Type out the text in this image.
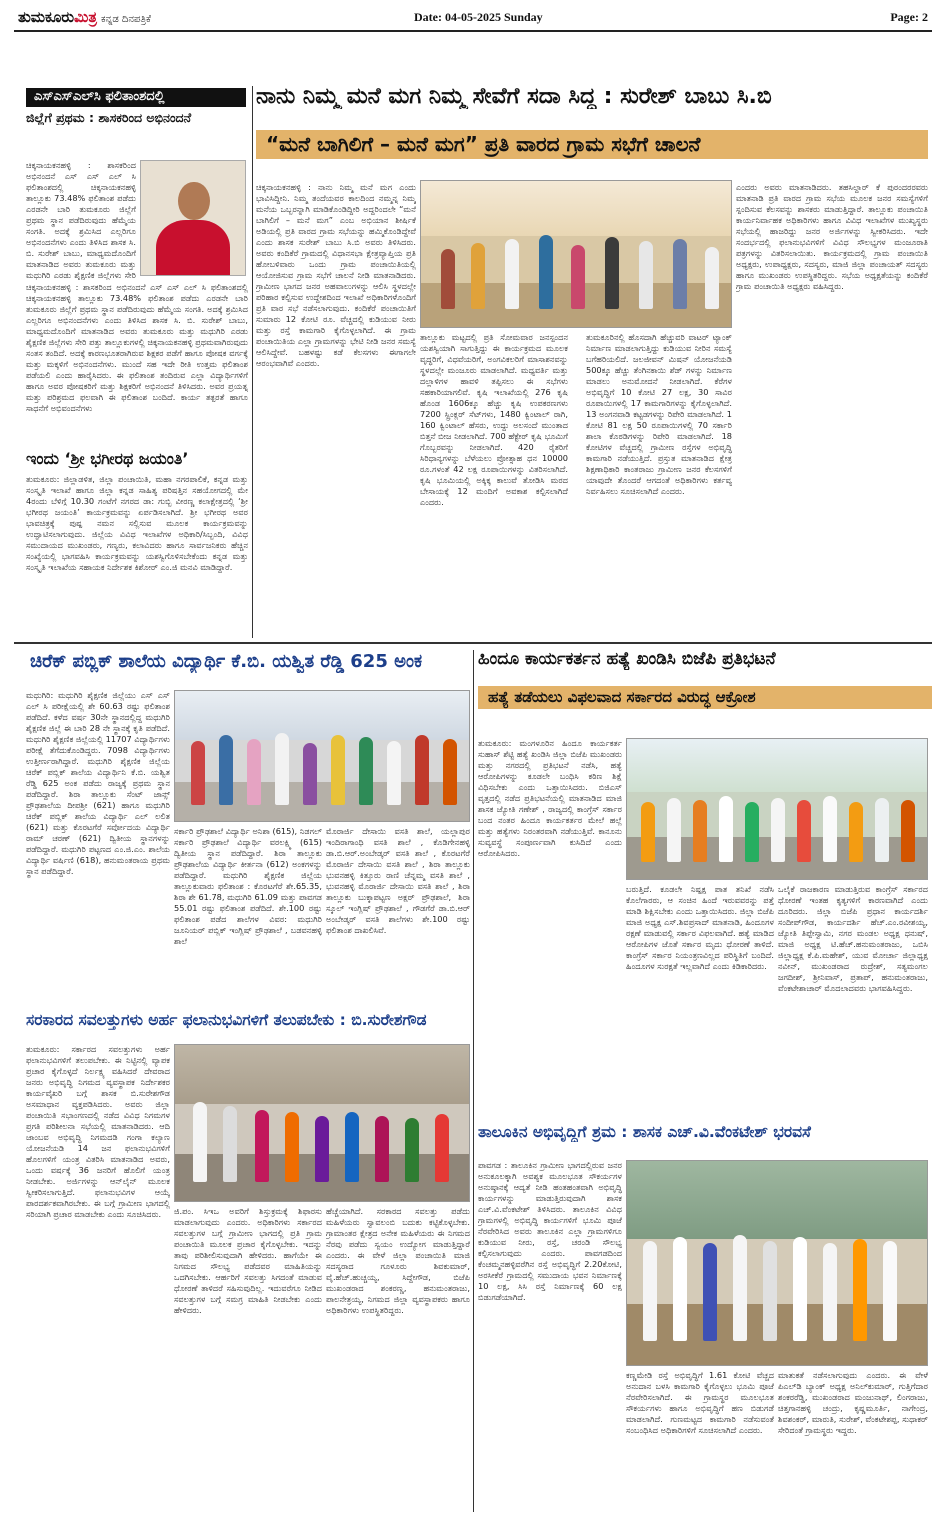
ತುಮಕೂರುಮಿತ್ರ ಕನ್ನಡ ದಿನಪತ್ರಿಕೆ	Date: 04-05-2025 Sunday	Page: 2
ಎಸ್ಎಸ್ಎಲ್‌ಸಿ ಫಲಿತಾಂಶದಲ್ಲಿ
ಜಿಲ್ಲೆಗೆ ಪ್ರಥಮ : ಶಾಸಕರಿಂದ ಅಭಿನಂದನೆ
ಚಿಕ್ಕನಾಯಕನಹಳ್ಳಿ : ಶಾಸಕರಿಂದ ಅಭಿನಂದನೆ ಎಸ್ ಎಸ್ ಎಲ್ ಸಿ ಫಲಿತಾಂಶದಲ್ಲಿ ಚಿಕ್ಕನಾಯಕನಹಳ್ಳಿ ತಾಲ್ಲೂಕು 73.48% ಫಲಿತಾಂಶ ಪಡೆದು ಎರಡನೇ ಬಾರಿ ತುಮಕೂರು ಜಿಲ್ಲೆಗೆ ಪ್ರಥಮ ಸ್ಥಾನ ಪಡೆದಿರುವುದು ಹೆಮ್ಮೆಯ ಸಂಗತಿ. ಅದಕ್ಕೆ ಶ್ರಮಿಸಿದ ಎಲ್ಲರಿಗೂ ಅಭಿನಂದನೆಗಳು ಎಂದು ತಿಳಿಸಿದ ಶಾಸಕ ಸಿ. ಬಿ. ಸುರೇಶ್ ಬಾಬು, ಮಾಧ್ಯಮದೊಂದಿಗೆ ಮಾತನಾಡಿದ ಅವರು ತುಮಕೂರು ಮತ್ತು ಮಧುಗಿರಿ ಎರಡು ಶೈಕ್ಷಣಿಕ ಜಿಲ್ಲೆಗಳು ಸೇರಿ
ಚಿಕ್ಕನಾಯಕನಹಳ್ಳಿ : ಶಾಸಕರಿಂದ ಅಭಿನಂದನೆ ಎಸ್ ಎಸ್ ಎಲ್ ಸಿ ಫಲಿತಾಂಶದಲ್ಲಿ ಚಿಕ್ಕನಾಯಕನಹಳ್ಳಿ ತಾಲ್ಲೂಕು 73.48% ಫಲಿತಾಂಶ ಪಡೆದು ಎರಡನೇ ಬಾರಿ ತುಮಕೂರು ಜಿಲ್ಲೆಗೆ ಪ್ರಥಮ ಸ್ಥಾನ ಪಡೆದಿರುವುದು ಹೆಮ್ಮೆಯ ಸಂಗತಿ. ಅದಕ್ಕೆ ಶ್ರಮಿಸಿದ ಎಲ್ಲರಿಗೂ ಅಭಿನಂದನೆಗಳು ಎಂದು ತಿಳಿಸಿದ ಶಾಸಕ ಸಿ. ಬಿ. ಸುರೇಶ್ ಬಾಬು, ಮಾಧ್ಯಮದೊಂದಿಗೆ ಮಾತನಾಡಿದ ಅವರು ತುಮಕೂರು ಮತ್ತು ಮಧುಗಿರಿ ಎರಡು ಶೈಕ್ಷಣಿಕ ಜಿಲ್ಲೆಗಳು ಸೇರಿ ಪತ್ತು ತಾಲ್ಲೂಕುಗಳಲ್ಲಿ ಚಿಕ್ಕನಾಯಕನಹಳ್ಳಿ ಪ್ರಥಮವಾಗಿರುವುದು ಸಂತಸ ತಂದಿದೆ. ಅದಕ್ಕೆ ಕಾರಣಭೂತರಾಗಿರುವ ಶಿಕ್ಷಕರ ಪಡೆಗೆ ಹಾಗೂ ಪೋಷಕ ವರ್ಗಕ್ಕೆ ಮತ್ತು ಮಕ್ಕಳಿಗೆ ಅಭಿನಂದನೆಗಳು. ಮುಂದೆ ಸಹ ಇದೇ ರೀತಿ ಉತ್ತಮ ಫಲಿತಾಂಶ ಪಡೆಯಲಿ ಎಂದು ಹಾರೈಸಿದರು. ಈ ಫಲಿತಾಂಶ ತಂದಿರುವ ಎಲ್ಲಾ ವಿದ್ಯಾರ್ಥಿಗಳಿಗೆ ಹಾಗೂ ಅವರ ಪೋಷಕರಿಗೆ ಮತ್ತು ಶಿಕ್ಷಕರಿಗೆ ಅಭಿನಂದನೆ ತಿಳಿಸಿದರು. ಅವರ ಪ್ರಯತ್ನ ಮತ್ತು ಪರಿಶ್ರಮದ ಫಲವಾಗಿ ಈ ಫಲಿತಾಂಶ ಬಂದಿದೆ. ಕಾರ್ಯ ತತ್ಪರತೆ ಹಾಗೂ ಸಾಧನೆಗೆ ಅಭಿವಂದನೆಗಳು
ಇಂದು ‘ಶ್ರೀ ಭಗೀರಥ ಜಯಂತಿ’
ತುಮಕೂರು: ಜಿಲ್ಲಾಡಳಿತ, ಜಿಲ್ಲಾ ಪಂಚಾಯಿತಿ, ಮಹಾ ನಗರಪಾಲಿಕೆ, ಕನ್ನಡ ಮತ್ತು ಸಂಸ್ಕೃತಿ ಇಲಾಖೆ ಹಾಗೂ ಜಿಲ್ಲಾ ಕನ್ನಡ ಸಾಹಿತ್ಯ ಪರಿಷತ್ತಿನ ಸಹಯೋಗದಲ್ಲಿ ಮೇ 4ರಂದು ಬೆಳಿಗ್ಗೆ 10.30 ಗಂಟೆಗೆ ನಗರದ ಡಾ: ಗುಬ್ಬಿ ವೀರಣ್ಣ ಕಲಾಕ್ಷೇತ್ರದಲ್ಲಿ ‘ಶ್ರೀ ಭಗೀರಥ ಜಯಂತಿ’ ಕಾರ್ಯಕ್ರಮವನ್ನು ಏರ್ಪಡಿಸಲಾಗಿದೆ. ಶ್ರೀ ಭಗೀರಥ ಅವರ ಭಾವಚಿತ್ರಕ್ಕೆ ಪುಷ್ಪ ನಮನ ಸಲ್ಲಿಸುವ ಮೂಲಕ ಕಾರ್ಯಕ್ರಮವನ್ನು ಉದ್ಘಾಟಿಸಲಾಗುವುದು. ಜಿಲ್ಲೆಯ ವಿವಿಧ ಇಲಾಖೆಗಳ ಅಧಿಕಾರಿ/ಸಿಬ್ಬಂದಿ, ವಿವಿಧ ಸಮುದಾಯದ ಮುಖಂಡರು, ಗಣ್ಯರು, ಕಲಾವಿದರು ಹಾಗೂ ಸಾರ್ವಜನಿಕರು ಹೆಚ್ಚಿನ ಸಂಖ್ಯೆಯಲ್ಲಿ ಭಾಗವಹಿಸಿ ಕಾರ್ಯಕ್ರಮವನ್ನು ಯಶಸ್ವಿಗೊಳಿಸಬೇಕೆಂದು ಕನ್ನಡ ಮತ್ತು ಸಂಸ್ಕೃತಿ ಇಲಾಖೆಯ ಸಹಾಯಕ ನಿರ್ದೇಶಕ ಕಿಶೋರ್ ಎಂ.ಜಿ ಮನವಿ ಮಾಡಿದ್ದಾರೆ.
ನಾನು ನಿಮ್ಮ ಮನೆ ಮಗ ನಿಮ್ಮ ಸೇವೆಗೆ ಸದಾ ಸಿದ್ಧ : ಸುರೇಶ್ ಬಾಬು ಸಿ.ಬಿ
“ಮನೆ ಬಾಗಿಲಿಗೆ – ಮನೆ ಮಗ” ಪ್ರತಿ ವಾರದ ಗ್ರಾಮ ಸಭೆಗೆ ಚಾಲನೆ
ಚಿಕ್ಕನಾಯಕನಹಳ್ಳಿ : ನಾನು ನಿಮ್ಮ ಮನೆ ಮಗ ಎಂದು ಭಾವಿಸಿದ್ದೀನಿ. ನಿಮ್ಮ ತಂದೆಯವರ ಕಾಲದಿಂದ ನಮ್ಮನ್ನ ನಿಮ್ಮ ಮನೆಯ ಒಬ್ಬರನ್ನಾಗಿ ಮಾಡಿಕೊಂಡಿದ್ದೀರಿ ಅದ್ದರಿಂದಲೇ “ಮನೆ ಬಾಗಿಲಿಗೆ – ಮನೆ ಮಗ” ಎಂಬ ಅಭಿಯಾನ ಶೀರ್ಷಿಕೆ ಅಡಿಯಲ್ಲಿ ಪ್ರತಿ ವಾರದ ಗ್ರಾಮ ಸಭೆಯನ್ನು ಹಮ್ಮಿಕೊಂಡಿದ್ದೇವೆ ಎಂದು ಶಾಸಕ ಸುರೇಶ್ ಬಾಬು ಸಿ.ಬಿ ಅವರು ತಿಳಿಸಿದರು. ಅವರು ಕಂದಿಕೆರೆ ಗ್ರಾಮದಲ್ಲಿ ವಿಧಾನಸಭಾ ಕ್ಷೇತ್ರವ್ಯಾಪ್ತಿಯ ಪ್ರತಿ ಹೋಬಳಿವಾರು ಒಂದು ಗ್ರಾಮ ಪಂಚಾಯಿತಿಯಲ್ಲಿ ಆಯೋಜಿಸುವ ಗ್ರಾಮ ಸಭೆಗೆ ಚಾಲನೆ ನೀಡಿ ಮಾತನಾಡಿದರು. ಗ್ರಾಮೀಣ ಭಾಗದ ಜನರ ಅಹವಾಲುಗಳನ್ನು ಆಲಿಸಿ ಸ್ಥಳದಲ್ಲೇ ಪರಿಹಾರ ಕಲ್ಪಿಸುವ ಉದ್ದೇಶದಿಂದ ಇಲಾಖೆ ಅಧಿಕಾರಿಗಳೊಂದಿಗೆ ಪ್ರತಿ ವಾರ ಸಭೆ ನಡೆಸಲಾಗುವುದು. ಕಂದಿಕೆರೆ ಪಂಚಾಯಿತಿಗೆ ಸುಮಾರು 12 ಕೋಟಿ ರೂ. ವೆಚ್ಚದಲ್ಲಿ ಕುಡಿಯುವ ನೀರು ಮತ್ತು ರಸ್ತೆ ಕಾಮಗಾರಿ ಕೈಗೊಳ್ಳಲಾಗಿದೆ. ಈ ಗ್ರಾಮ ಪಂಚಾಯಿತಿಯ ಎಲ್ಲಾ ಗ್ರಾಮಗಳನ್ನು ಭೇಟಿ ನೀಡಿ ಜನರ ಸಮಸ್ಯೆ ಆಲಿಸಿದ್ದೇವೆ. ಬಹಳಷ್ಟು ಕಡೆ ಕೆಲಸಗಳು ಈಗಾಗಲೇ ಆರಂಭವಾಗಿವೆ ಎಂದರು.
ತಾಲ್ಲೂಕು ಮಟ್ಟದಲ್ಲಿ ಪ್ರತಿ ಸೋಮವಾರ ಜನಸ್ಪಂದನ ಯಶಸ್ವಿಯಾಗಿ ಸಾಗುತ್ತಿದ್ದು ಈ ಕಾರ್ಯಕ್ರಮದ ಮೂಲಕ ವೃದ್ಧರಿಗೆ, ವಿಧವೆಯರಿಗೆ, ಅಂಗವಿಕಲರಿಗೆ ಮಾಸಾಶನವನ್ನು ಸ್ಥಳದಲ್ಲೇ ಮಂಜೂರು ಮಾಡಲಾಗಿದೆ. ಮಧ್ಯವರ್ತಿ ಮತ್ತು ದಲ್ಲಾಳಿಗಳ ಹಾವಳಿ ತಪ್ಪಿಸಲು ಈ ಸಭೆಗಳು ಸಹಕಾರಿಯಾಗಲಿವೆ. ಕೃಷಿ ಇಲಾಖೆಯಲ್ಲಿ 276 ಕೃಷಿ ಹೊಂಡ 1606ಕ್ಕೂ ಹೆಚ್ಚು ಕೃಷಿ ಉಪಕರಣಗಳು 7200 ಸ್ಪ್ರಿಂಕ್ಲರ್ ಸೆಟ್‌ಗಳು, 1480 ಕ್ವಿಂಟಾಲ್ ರಾಗಿ, 160 ಕ್ವಿಂಟಾಲ್ ಹೆಸರು, ಉದ್ದು ಅಲಸಂದೆ ಮುಂತಾದ ಬಿತ್ತನೆ ಬೀಜ ನೀಡಲಾಗಿದೆ. 700 ಹೆಕ್ಟೇರ್ ಕೃಷಿ ಭೂಮಿಗೆ ಗೊಬ್ಬರವನ್ನು ನೀಡಲಾಗಿದೆ. 420 ರೈತರಿಗೆ ಸಿರಿಧಾನ್ಯಗಳನ್ನು ಬೆಳೆಯಲು ಪ್ರೋತ್ಸಾಹ ಧನ 10000 ರೂ.ಗಳಂತೆ 42 ಲಕ್ಷ ರೂಪಾಯಿಗಳನ್ನು ವಿತರಿಸಲಾಗಿದೆ. ಕೃಷಿ ಭೂಮಿಯಲ್ಲಿ ಅಕ್ಕಿಕ್ಕ ಕಾಲುವೆ ತೋಡಿಸಿ ಮರದ ಬೇಸಾಯಕ್ಕೆ 12 ಮಂದಿಗೆ ಅವಕಾಶ ಕಲ್ಪಿಸಲಾಗಿದೆ ಎಂದರು.
ತುಮಕೂರಿನಲ್ಲಿ ಹೊಸದಾಗಿ ಹೆಚ್ಚುವರಿ ವಾಟರ್ ಟ್ಯಾಂಕ್ ನಿರ್ಮಾಣ ಮಾಡಲಾಗುತ್ತಿದ್ದು ಕುಡಿಯುವ ನೀರಿನ ಸಮಸ್ಯೆ ಬಗೆಹರಿಯಲಿದೆ. ಜಲಜೀವನ್ ಮಿಷನ್ ಯೋಜನೆಯಡಿ 500ಕ್ಕೂ ಹೆಚ್ಚು ತೆಂಗಿನಕಾಯಿ ಶೆಡ್ ಗಳನ್ನು ನಿರ್ಮಾಣ ಮಾಡಲು ಅನುಮೋದನೆ ನೀಡಲಾಗಿದೆ. ಕೆರೆಗಳ ಅಭಿವೃದ್ಧಿಗೆ 10 ಕೋಟಿ 27 ಲಕ್ಷ, 30 ಸಾವಿರ ರೂಪಾಯಿಗಳಲ್ಲಿ 17 ಕಾಮಗಾರಿಗಳನ್ನು ಕೈಗೊಳ್ಳಲಾಗಿದೆ. 13 ಅಂಗನವಾಡಿ ಕಟ್ಟಡಗಳನ್ನು ರಿಪೇರಿ ಮಾಡಲಾಗಿದೆ. 1 ಕೋಟಿ 81 ಲಕ್ಷ 50 ರೂಪಾಯಿಗಳಲ್ಲಿ 70 ಸರ್ಕಾರಿ ಶಾಲಾ ಕೊಠಡಿಗಳನ್ನು ರಿಪೇರಿ ಮಾಡಲಾಗಿದೆ. 18 ಕೋಟಿಗಳ ವೆಚ್ಚದಲ್ಲಿ ಗ್ರಾಮೀಣ ರಸ್ತೆಗಳ ಅಭಿವೃದ್ಧಿ ಕಾಮಗಾರಿ ನಡೆಯುತ್ತಿದೆ. ಪ್ರಸ್ತುತ ಮಾತನಾಡಿದ ಕ್ಷೇತ್ರ ಶಿಕ್ಷಣಾಧಿಕಾರಿ ಕಾಂತರಾಜು ಗ್ರಾಮೀಣ ಜನರ ಕೆಲಸಗಳಿಗೆ ಯಾವುದೇ ತೊಂದರೆ ಆಗದಂತೆ ಅಧಿಕಾರಿಗಳು ಕರ್ತವ್ಯ ನಿರ್ವಹಿಸಲು ಸೂಚಿಸಲಾಗಿದೆ ಎಂದರು.
ಎಂದರು ಅವರು ಮಾತನಾಡಿದರು. ತಹಸಿಲ್ದಾರ್ ಕೆ ಪುರಂದರರವರು ಮಾತನಾಡಿ ಪ್ರತಿ ವಾರದ ಗ್ರಾಮ ಸಭೆಯ ಮೂಲಕ ಜನರ ಸಮಸ್ಯೆಗಳಿಗೆ ಸ್ಪಂದಿಸುವ ಕೆಲಸವನ್ನು ಶಾಸಕರು ಮಾಡುತ್ತಿದ್ದಾರೆ. ತಾಲ್ಲೂಕು ಪಂಚಾಯಿತಿ ಕಾರ್ಯನಿರ್ವಾಹಕ ಅಧಿಕಾರಿಗಳು ಹಾಗೂ ವಿವಿಧ ಇಲಾಖೆಗಳ ಮುಖ್ಯಸ್ಥರು ಸಭೆಯಲ್ಲಿ ಹಾಜರಿದ್ದು ಜನರ ಅರ್ಜಿಗಳನ್ನು ಸ್ವೀಕರಿಸಿದರು. ಇದೇ ಸಂದರ್ಭದಲ್ಲಿ ಫಲಾನುಭವಿಗಳಿಗೆ ವಿವಿಧ ಸೌಲಭ್ಯಗಳ ಮಂಜೂರಾತಿ ಪತ್ರಗಳನ್ನು ವಿತರಿಸಲಾಯಿತು. ಕಾರ್ಯಕ್ರಮದಲ್ಲಿ ಗ್ರಾಮ ಪಂಚಾಯಿತಿ ಅಧ್ಯಕ್ಷರು, ಉಪಾಧ್ಯಕ್ಷರು, ಸದಸ್ಯರು, ಮಾಜಿ ಜಿಲ್ಲಾ ಪಂಚಾಯತ್ ಸದಸ್ಯರು ಹಾಗೂ ಮುಖಂಡರು ಉಪಸ್ಥಿತರಿದ್ದರು. ಸಭೆಯ ಅಧ್ಯಕ್ಷತೆಯನ್ನು ಕಂದಿಕೆರೆ ಗ್ರಾಮ ಪಂಚಾಯಿತಿ ಅಧ್ಯಕ್ಷರು ವಹಿಸಿದ್ದರು.
ಚಿರೆಕ್ ಪಬ್ಲಿಕ್ ಶಾಲೆಯ ವಿದ್ಯಾರ್ಥಿ ಕೆ.ಬಿ. ಯಶ್ವಿತ ರೆಡ್ಡಿ 625 ಅಂಕ
ಮಧುಗಿರಿ: ಮಧುಗಿರಿ ಶೈಕ್ಷಣಿಕ ಜಿಲ್ಲೆಯು ಎಸ್ ಎಸ್ ಎಲ್ ಸಿ ಪರೀಕ್ಷೆಯಲ್ಲಿ ಶೇ 60.63 ರಷ್ಟು ಫಲಿತಾಂಶ ಪಡೆದಿದೆ. ಕಳೆದ ವರ್ಷ 30ನೇ ಸ್ಥಾನದಲ್ಲಿದ್ದ ಮಧುಗಿರಿ ಶೈಕ್ಷಣಿಕ ಜಿಲ್ಲೆ ಈ ಬಾರಿ 28 ನೇ ಸ್ಥಾನಕ್ಕೆ ಕೃತಿ ಪಡೆದಿದೆ. ಮಧುಗಿರಿ ಶೈಕ್ಷಣಿಕ ಜಿಲ್ಲೆಯಲ್ಲಿ 11707 ವಿದ್ಯಾರ್ಥಿಗಳು ಪರೀಕ್ಷೆ ತೆಗೆದುಕೊಂಡಿದ್ದರು. 7098 ವಿದ್ಯಾರ್ಥಿಗಳು ಉತ್ತೀರ್ಣರಾಗಿದ್ದಾರೆ. ಮಧುಗಿರಿ ಶೈಕ್ಷಣಿಕ ಜಿಲ್ಲೆಯ ಚಿರೆಕ್ ಪಬ್ಲಿಕ್ ಶಾಲೆಯ ವಿದ್ಯಾರ್ಥಿನಿ ಕೆ.ಬಿ. ಯಶ್ವಿತ ರೆಡ್ಡಿ 625 ಅಂಕ ಪಡೆದು ರಾಜ್ಯಕ್ಕೆ ಪ್ರಥಮ ಸ್ಥಾನ ಪಡೆದಿದ್ದಾರೆ. ಶಿರಾ ತಾಲ್ಲೂಕು ಸೆಂಟ್ ಜಾನ್ಸ್ ಪ್ರೌಢಶಾಲೆಯ ದೀಪಶ್ರೀ (621) ಹಾಗೂ ಮಧುಗಿರಿ ಚಿರೆಕ್ ಪಬ್ಲಿಕ್ ಶಾಲೆಯ ವಿದ್ಯಾರ್ಥಿ ಎಲ್ ಲಲಿತ (621) ಮತ್ತು ಕೊರಟಗೆರೆ ಸರ್ವೋದಯ ವಿದ್ಯಾರ್ಥಿ ರಾಮ್ ಚರಣ್ (621) ದ್ವಿತೀಯ ಸ್ಥಾನಗಳನ್ನು ಪಡೆದಿದ್ದಾರೆ. ಮಧುಗಿರಿ ಪಟ್ಟಣದ ಎಂ.ಜಿ.ಎಂ. ಶಾಲೆಯ ವಿದ್ಯಾರ್ಥಿ ವರ್ಷಿಣಿ (618), ಹನುಮಂತರಾಯ ಪ್ರಥಮ ಸ್ಥಾನ ಪಡೆದಿದ್ದಾರೆ.
ಸರ್ಕಾರಿ ಪ್ರೌಢಶಾಲೆ ವಿದ್ಯಾರ್ಥಿ ಅನಿಶಾ (615), ನಿಡಗಲ್ ಸರ್ಕಾರಿ ಪ್ರೌಢಶಾಲೆ ವಿದ್ಯಾರ್ಥಿ ವರಲಕ್ಷ್ಮಿ (615) ದ್ವಿತೀಯ ಸ್ಥಾನ ಪಡೆದಿದ್ದಾರೆ. ಶಿರಾ ತಾಲ್ಲೂಕು ಪ್ರೌಢಶಾಲೆಯ ವಿದ್ಯಾರ್ಥಿ ಕೀರ್ತನಾ (612) ಅಂಕಗಳನ್ನು ಪಡೆದಿದ್ದಾರೆ. ಮಧುಗಿರಿ ಶೈಕ್ಷಣಿಕ ಜಿಲ್ಲೆಯ ತಾಲ್ಲೂಕುವಾರು ಫಲಿತಾಂಶ : ಕೊರಟಗೆರೆ ಶೇ.65.35, ಶಿರಾ ಶೇ 61.78, ಮಧುಗಿರಿ 61.09 ಮತ್ತು ಪಾವಗಡ 55.01 ರಷ್ಟು ಫಲಿತಾಂಶ ಪಡೆದಿದೆ. ಶೇ.100 ರಷ್ಟು ಫಲಿತಾಂಶ ಪಡೆದ ಶಾಲೆಗಳ ವಿವರ: ಮಧುಗಿರಿ ಜೂನಿಯರ್ ಪಬ್ಲಿಕ್ ಇಂಗ್ಲಿಷ್ ಪ್ರೌಢಶಾಲೆ , ಬಡವನಹಳ್ಳಿ ಶಾಲೆ
ಮೊರಾರ್ಜಿ ದೇಸಾಯಿ ವಸತಿ ಶಾಲೆ, ಯಲ್ಲಾಪುರ ಇಂದಿರಾಗಾಂಧಿ ವಸತಿ ಶಾಲೆ , ಕೊಡಿಗೇನಹಳ್ಳಿ ಡಾ.ಬಿ.ಆರ್.ಅಂಬೇಡ್ಕರ್ ವಸತಿ ಶಾಲೆ , ಕೊರಟಗೆರೆ ಮೊರಾರ್ಜಿ ದೇಸಾಯಿ ವಸತಿ ಶಾಲೆ , ಶಿರಾ ತಾಲ್ಲೂಕು ಭುವನಹಳ್ಳಿ ಕಿತ್ತೂರು ರಾಣಿ ಚೆನ್ನಮ್ಮ ವಸತಿ ಶಾಲೆ , ಭುವನಹಳ್ಳಿ ಮೊರಾರ್ಜಿ ದೇಸಾಯಿ ವಸತಿ ಶಾಲೆ , ಶಿರಾ ತಾಲ್ಲೂಕು ಬುಕ್ಕಾಪಟ್ಟಣ ಅಕ್ಷರ್ ಪ್ರೌಢಶಾಲೆ, ಶಿರಾ ಸ್ಕೂಲ್ ಇಂಗ್ಲಿಷ್ ಪ್ರೌಢಶಾಲೆ , ಗೌಡಗೆರೆ ಡಾ.ಬಿ.ಆರ್ ಅಂಬೇಡ್ಕರ್ ವಸತಿ ಶಾಲೆಗಳು ಶೇ.100 ರಷ್ಟು ಫಲಿತಾಂಶ ದಾಖಲಿಸಿವೆ.
ಸರಕಾರದ ಸವಲತ್ತುಗಳು ಅರ್ಹ ಫಲಾನುಭವಿಗಳಿಗೆ ತಲುಪಬೇಕು : ಬಿ.ಸುರೇಶಗೌಡ
ತುಮಕೂರು: ಸರ್ಕಾರದ ಸವಲತ್ತುಗಳು ಅರ್ಹ ಫಲಾನುಭವಿಗಳಿಗೆ ತಲುಪಬೇಕು. ಈ ನಿಟ್ಟಿನಲ್ಲಿ ವ್ಯಾಪಕ ಪ್ರಚಾರ ಕೈಗೊಳ್ಳದೆ ನಿರ್ಲಕ್ಷ್ಯ ವಹಿಸಿದರೆ ದೇವರಾದ ಜನರು ಅಭಿವೃದ್ಧಿ ನಿಗಮದ ವ್ಯವಸ್ಥಾಪಕ ನಿರ್ದೇಶಕರ ಕಾರ್ಯವೈಖರಿ ಬಗ್ಗೆ ಶಾಸಕ ಬಿ.ಸುರೇಶಗೌಡ ಅಸಮಾಧಾನ ವ್ಯಕ್ತಪಡಿಸಿದರು. ಅವರು ಜಿಲ್ಲಾ ಪಂಚಾಯಿತಿ ಸಭಾಂಗಣದಲ್ಲಿ ನಡೆದ ವಿವಿಧ ನಿಗಮಗಳ ಪ್ರಗತಿ ಪರಿಶೀಲನಾ ಸಭೆಯಲ್ಲಿ ಮಾತನಾಡಿದರು. ಆದಿ ಜಾಂಬವ ಅಭಿವೃದ್ಧಿ ನಿಗಮದಡಿ ಗಂಗಾ ಕಲ್ಯಾಣ ಯೋಜನೆಯಡಿ 14 ಜನ ಫಲಾನುಭವಿಗಳಿಗೆ ಹೊಲಗಳಿಗೆ ಯಂತ್ರ ವಿತರಿಸಿ ಮಾತನಾಡಿದ ಅವರು, ಒಂದು ವರ್ಷಕ್ಕೆ 36 ಜನರಿಗೆ ಹೊಲಿಗೆ ಯಂತ್ರ ನೀಡಬೇಕು. ಅರ್ಜಿಗಳನ್ನು ಆನ್‌ಲೈನ್ ಮೂಲಕ ಸ್ವೀಕರಿಸಲಾಗುತ್ತಿದೆ. ಫಲಾನುಭವಿಗಳ ಆಯ್ಕೆ ಪಾರದರ್ಶಕವಾಗಿರಬೇಕು. ಈ ಬಗ್ಗೆ ಗ್ರಾಮೀಣ ಭಾಗದಲ್ಲಿ ಸರಿಯಾಗಿ ಪ್ರಚಾರ ಮಾಡಬೇಕು ಎಂದು ಸೂಚಿಸಿದರು.	ಜಿ.ಪಂ. ಸಿಇಒ ಅವರಿಗೆ ಶಿಸ್ತುಕ್ರಮಕ್ಕೆ ಶಿಫಾರಸು ಮಾಡಲಾಗುವುದು ಎಂದರು. ಅಧಿಕಾರಿಗಳು ಸರ್ಕಾರದ ಸವಲತ್ತುಗಳ ಬಗ್ಗೆ ಗ್ರಾಮೀಣ ಭಾಗದಲ್ಲಿ ಪ್ರತಿ ಗ್ರಾಮ ಪಂಚಾಯಿತಿ ಮೂಲಕ ಪ್ರಚಾರ ಕೈಗೊಳ್ಳಬೇಕು. ಇದನ್ನು ತಾವು ಪರಿಶೀಲಿಸುವುದಾಗಿ ಹೇಳಿದರು. ಹಾಗೆಯೇ ಈ ನಿಗಮದ ಸೌಲಭ್ಯ ಪಡೆದವರ ಮಾಹಿತಿಯನ್ನು ಒದಗಿಸಬೇಕು. ಆರ್ಹರಿಗೆ ಸವಲತ್ತು ಸಿಗದಂತೆ ಮಾಡುವ ಧೋರಣೆ ತಾಳಿದರೆ ಸಹಿಸುವುದಿಲ್ಲ. ಇದುವರೆಗೂ ನೀಡಿದ ಸವಲತ್ತುಗಳ ಬಗ್ಗೆ ಸಮಗ್ರ ಮಾಹಿತಿ ನೀಡಬೇಕು ಎಂದು ಹೇಳಿದರು.
ಹೆಚ್ಚೆಯಾಗಿದೆ. ಸರಕಾರದ ಸವಲತ್ತು ಪಡೆದು ಮಹಿಳೆಯರು ಸ್ವಾವಲಂಬಿ ಬದುಕು ಕಟ್ಟಿಕೊಳ್ಳಬೇಕು. ಗ್ರಾಮಾಂತರ ಕ್ಷೇತ್ರದ ಅನೇಕ ಮಹಿಳೆಯರು ಈ ನಿಗಮದ ನೆರವು ಪಡೆದು ಸ್ವಯಂ ಉದ್ಯೋಗ ಮಾಡುತ್ತಿದ್ದಾರೆ ಎಂದರು. ಈ ವೇಳೆ ಜಿಲ್ಲಾ ಪಂಚಾಯಿತಿ ಮಾಜಿ ಸದಸ್ಯರಾದ ಗೂಳೂರು ಶಿವಕುಮಾರ್, ವೈ.ಹೆಚ್.ಹುಚ್ಚಯ್ಯ, ಸಿದ್ದೇಗೌಡ, ಬಿಜೆಪಿ ಮುಖಂಡರಾದ ಶಂಕರಣ್ಣ, ಹನುಮಂತರಾಜು, ಪಾಲನೇತ್ರಯ್ಯ, ನಿಗಮದ ಜಿಲ್ಲಾ ವ್ಯವಸ್ಥಾಪಕರು ಹಾಗೂ ಅಧಿಕಾರಿಗಳು ಉಪಸ್ಥಿತರಿದ್ದರು.
ಹಿಂದೂ ಕಾರ್ಯಕರ್ತನ ಹತ್ಯೆ ಖಂಡಿಸಿ ಬಿಜೆಪಿ ಪ್ರತಿಭಟನೆ
ಹತ್ಯೆ ತಡೆಯಲು ವಿಫಲವಾದ ಸರ್ಕಾರದ ವಿರುದ್ಧ ಆಕ್ರೋಶ
ತುಮಕೂರು: ಮಂಗಳೂರಿನ ಹಿಂದೂ ಕಾರ್ಯಕರ್ತ ಸುಹಾಸ್ ಶೆಟ್ಟಿ ಹತ್ಯೆ ಖಂಡಿಸಿ ಜಿಲ್ಲಾ ಬಿಜೆಪಿ ಮುಖಂಡರು ಮತ್ತು ನಗರದಲ್ಲಿ ಪ್ರತಿಭಟನೆ ನಡೆಸಿ, ಹತ್ಯೆ ಆರೋಪಿಗಳನ್ನು ಕೂಡಲೇ ಬಂಧಿಸಿ ಕಠಿಣ ಶಿಕ್ಷೆ ವಿಧಿಸಬೇಕು ಎಂದು ಒತ್ತಾಯಿಸಿದರು. ಬಿಜಿಎಸ್ ವೃತ್ತದಲ್ಲಿ ನಡೆದ ಪ್ರತಿಭಟನೆಯಲ್ಲಿ ಮಾತನಾಡಿದ ಮಾಜಿ ಶಾಸಕ ಜ್ಯೋತಿ ಗಣೇಶ್ , ರಾಜ್ಯದಲ್ಲಿ ಕಾಂಗ್ರೆಸ್ ಸರ್ಕಾರ ಬಂದ ನಂತರ ಹಿಂದೂ ಕಾರ್ಯಕರ್ತರ ಮೇಲೆ ಹಲ್ಲೆ ಮತ್ತು ಹತ್ಯೆಗಳು ನಿರಂತರವಾಗಿ ನಡೆಯುತ್ತಿವೆ. ಕಾನೂನು ಸುವ್ಯವಸ್ಥೆ ಸಂಪೂರ್ಣವಾಗಿ ಕುಸಿದಿದೆ ಎಂದು ಆರೋಪಿಸಿದರು.
ಬರುತ್ತಿದೆ. ಕೂಡಲೇ ನಿಷ್ಪಕ್ಷ ಪಾತ ತನಿಖೆ ನಡೆಸಿ ಕೊಲೆಗಾರರು, ಆ ಸಂಚಿನ ಹಿಂದೆ ಇರುವವರನ್ನು ಪತ್ತೆ ಮಾಡಿ ಶಿಕ್ಷಿಸಬೇಕು ಎಂದು ಒತ್ತಾಯಿಸಿದರು. ಜಿಲ್ಲಾ ಬಿಜೆಪಿ ಮಾಜಿ ಅಧ್ಯಕ್ಷ ಎಸ್.ಶಿವಪ್ರಸಾದ್ ಮಾತನಾಡಿ, ಹಿಂದೂಗಳ ರಕ್ಷಣೆ ಮಾಡುವಲ್ಲಿ ಸರ್ಕಾರ ವಿಫಲವಾಗಿದೆ. ಹತ್ಯೆ ಮಾಡಿದ ಆರೋಪಿಗಳ ಜೊತೆ ಸರ್ಕಾರ ಮೃದು ಧೋರಣೆ ತಾಳಿದೆ. ಕಾಂಗ್ರೆಸ್ ಸರ್ಕಾರ ನಿಯಂತ್ರಣವಿಲ್ಲದ ಪರಿಸ್ಥಿತಿಗೆ ಬಂದಿದೆ. ಹಿಂದೂಗಳ ಸುರಕ್ಷತೆ ಇಲ್ಲವಾಗಿದೆ ಎಂದು ಕಿಡಿಕಾರಿದರು.
ಒಲೈಕೆ ರಾಜಕಾರಣ ಮಾಡುತ್ತಿರುವ ಕಾಂಗ್ರೆಸ್ ಸರ್ಕಾರದ ಧೋರಣೆ ಇಂತಹ ಕೃತ್ಯಗಳಿಗೆ ಕಾರಣವಾಗಿದೆ ಎಂದು ದೂರಿದರು. ಜಿಲ್ಲಾ ಬಿಜೆಪಿ ಪ್ರಧಾನ ಕಾರ್ಯದರ್ಶಿ ಸಂದೀಪ್‌ಗೌಡ, ಕಾರ್ಯದರ್ಶಿ ಹೆಚ್.ಎಂ.ರವೀಶಯ್ಯ, ಜ್ಯೋತಿ ತಿಪ್ಪೇಸ್ವಾಮಿ, ನಗರ ಮಂಡಲ ಅಧ್ಯಕ್ಷ ಧನುಷ್, ಮಾಜಿ ಅಧ್ಯಕ್ಷ ಟಿ.ಹೆಚ್.ಹನುಮಂತರಾಜು, ಒಬಿಸಿ ಜಿಲ್ಲಾಧ್ಯಕ್ಷ ಕೆ.ಪಿ.ಮಹೇಶ್, ಯುವ ಮೋರ್ಚಾ ಜಿಲ್ಲಾಧ್ಯಕ್ಷ ನವೀನ್, ಮುಖಂಡರಾದ ರುದ್ರೇಶ್, ಸತ್ಯಮಂಗಲ ಜಗದೀಶ್, ಶ್ರೀನಿವಾಸ್, ಪ್ರತಾಪ್, ಹನುಮಂತರಾಜು, ವೆಂಕಟೇಶಾಚಾರ್ ಮೊದಲಾದವರು ಭಾಗವಹಿಸಿದ್ದರು.
ತಾಲೂಕಿನ ಅಭಿವೃದ್ಧಿಗೆ ಶ್ರಮ : ಶಾಸಕ ಎಚ್.ವಿ.ವೆಂಕಟೇಶ್ ಭರವಸೆ
ಪಾವಗಡ : ತಾಲೂಕಿನ ಗ್ರಾಮೀಣ ಭಾಗದಲ್ಲಿರುವ ಜನರ ಅನುಕೂಲಕ್ಕಾಗಿ ಅವಶ್ಯಕ ಮೂಲಭೂತ ಸೌಕರ್ಯಗಳ ಅನುಷ್ಠಾನಕ್ಕೆ ಆದ್ಯತೆ ನೀಡಿ ಹಂತಹಂತವಾಗಿ ಅಭಿವೃದ್ಧಿ ಕಾರ್ಯಗಳನ್ನು ಮಾಡುತ್ತಿರುವುದಾಗಿ ಶಾಸಕ ಎಚ್.ವಿ.ವೆಂಕಟೇಶ್ ತಿಳಿಸಿದರು. ತಾಲೂಕಿನ ವಿವಿಧ ಗ್ರಾಮಗಳಲ್ಲಿ ಅಭಿವೃದ್ಧಿ ಕಾರ್ಯಗಳಿಗೆ ಭೂಮಿ ಪೂಜೆ ನೆರವೇರಿಸಿದ ಅವರು ತಾಲೂಕಿನ ಎಲ್ಲಾ ಗ್ರಾಮಗಳಿಗೂ ಕುಡಿಯುವ ನೀರು, ರಸ್ತೆ, ಚರಂಡಿ ಸೌಲಭ್ಯ ಕಲ್ಪಿಸಲಾಗುವುದು ಎಂದರು. ಪಾವಗಡದಿಂದ ಕೆಂಚಮ್ಮನಹಳ್ಳಿವರೆಗಿನ ರಸ್ತೆ ಅಭಿವೃದ್ಧಿಗೆ 2.20ಕೋಟಿ, ಅರಸೀಕೆರೆ ಗ್ರಾಮದಲ್ಲಿ ಸಮುದಾಯ ಭವನ ನಿರ್ಮಾಣಕ್ಕೆ 10 ಲಕ್ಷ, ಸಿಸಿ ರಸ್ತೆ ನಿರ್ಮಾಣಕ್ಕೆ 60 ಲಕ್ಷ ಬಿಡುಗಡೆಯಾಗಿದೆ.
ಕಣ್ಣಮೇಡಿ ರಸ್ತೆ ಅಭಿವೃದ್ಧಿಗೆ 1.61 ಕೋಟಿ ವೆಚ್ಚದ ಅನುದಾನ ಬಳಸಿ ಕಾಮಗಾರಿ ಕೈಗೊಳ್ಳಲು ಭೂಮಿ ಪೂಜೆ ನೆರವೇರಿಸಲಾಗಿದೆ. ಈ ಗ್ರಾಮಸ್ಥರ ಮೂಲಭೂತ ಸೌಕರ್ಯಗಳು ಹಾಗೂ ಅಭಿವೃದ್ಧಿಗೆ ಹಣ ಬಿಡುಗಡೆ ಮಾಡಲಾಗಿದೆ. ಗುಣಮಟ್ಟದ ಕಾಮಗಾರಿ ನಡೆಸುವಂತೆ ಸಂಬಂಧಿಸಿದ ಅಧಿಕಾರಿಗಳಿಗೆ ಸೂಚಿಸಲಾಗಿದೆ ಎಂದರು.
ಮಾತುಕತೆ ನಡೆಸಲಾಗುವುದು ಎಂದರು. ಈ ವೇಳೆ ಪಿಎಲ್‌ಡಿ ಬ್ಯಾಂಕ್ ಅಧ್ಯಕ್ಷ ಅನಿಲ್‌ಕುಮಾರ್, ಗುತ್ತಿಗೆದಾರ ಶಂಕರರೆಡ್ಡಿ, ಮುಖಂಡರಾದ ಮಂಜುನಾಥ್, ಲಿಂಗರಾಜು, ಚಿತ್ತಗಾನಹಳ್ಳಿ ಚಂದ್ರು, ಕೃಷ್ಣಮೂರ್ತಿ, ನಾಗೇಂದ್ರ, ಶಿವಶಂಕರ್, ಮಾರುತಿ, ಸುರೇಶ್, ವೆಂಕಟೇಶಪ್ಪ, ಸುಧಾಕರ್ ಸೇರಿದಂತೆ ಗ್ರಾಮಸ್ಥರು ಇದ್ದರು.
